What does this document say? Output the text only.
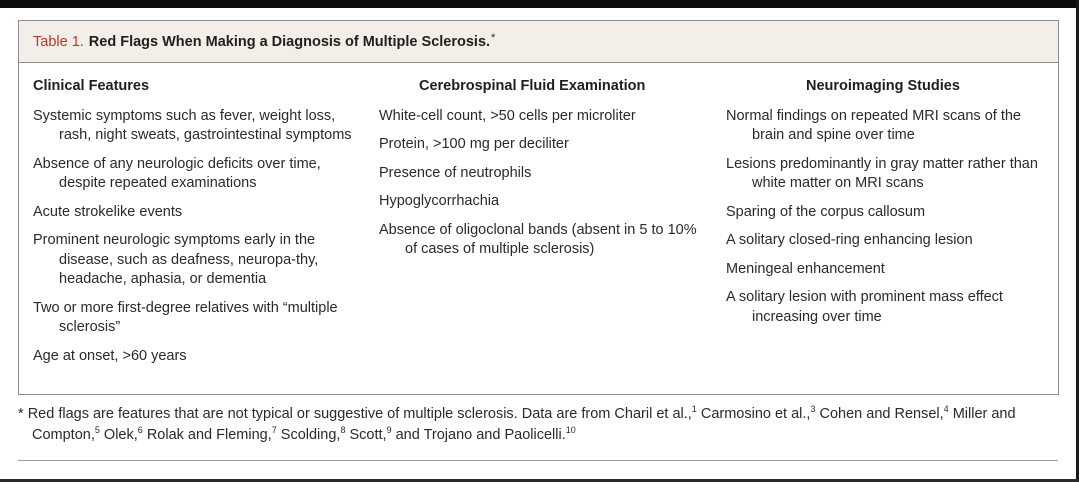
Table 1. Red Flags When Making a Diagnosis of Multiple Sclerosis. *
Clinical Features
Systemic symptoms such as fever, weight loss, rash, night sweats, gastrointestinal symptoms
Absence of any neurologic deficits over time, despite repeated examinations
Acute strokelike events
Prominent neurologic symptoms early in the disease, such as deafness, neuropa-thy, headache, aphasia, or dementia
Two or more first-degree relatives with “multiple sclerosis”
Age at onset, >60 years
Cerebrospinal Fluid Examination
White-cell count, >50 cells per microliter
Protein, >100 mg per deciliter
Presence of neutrophils
Hypoglycorrhachia
Absence of oligoclonal bands (absent in 5 to 10% of cases of multiple sclerosis)
Neuroimaging Studies
Normal findings on repeated MRI scans of the brain and spine over time
Lesions predominantly in gray matter rather than white matter on MRI scans
Sparing of the corpus callosum
A solitary closed-ring enhancing lesion
Meningeal enhancement
A solitary lesion with prominent mass effect increasing over time
* Red flags are features that are not typical or suggestive of multiple sclerosis. Data are from Charil et al.,$^1$ Carmosino et al.,$^3$ Cohen and Rensel,$^4$ Miller and Compton,$^5$ Olek,$^6$ Rolak and Fleming,$^7$ Scolding,$^8$ Scott,$^9$ and Trojano and Paolicelli.$^{10}$
